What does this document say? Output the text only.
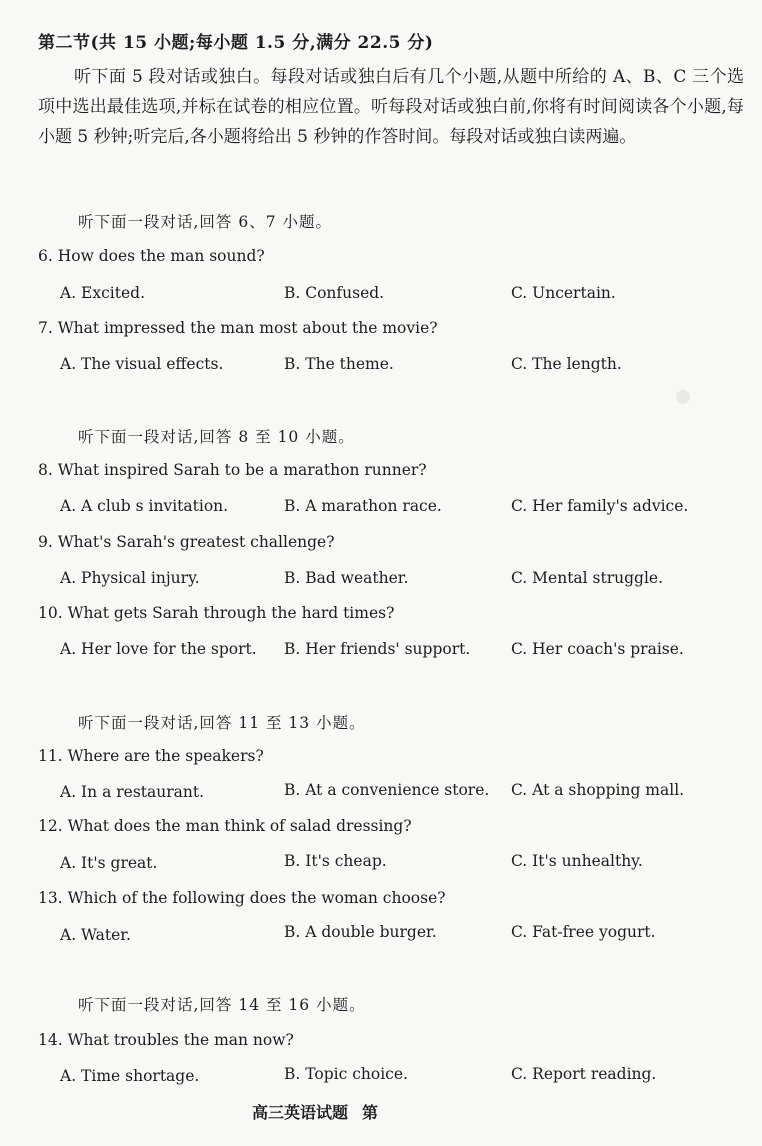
第二节(共 15 小题;每小题 1.5 分,满分 22.5 分)

听下面 5 段对话或独白。每段对话或独白后有几个小题,从题中所给的 A、B、C 三个选项中选出最佳选项,并标在试卷的相应位置。听每段对话或独白前,你将有时间阅读各个小题,每小题 5 秒钟;听完后,各小题将给出 5 秒钟的作答时间。每段对话或独白读两遍。

听下面一段对话,回答 6、7 小题。
6. How does the man sound?
A. Excited.	B. Confused.	C. Uncertain.
7. What impressed the man most about the movie?
A. The visual effects.	B. The theme.	C. The length.
听下面一段对话,回答 8 至 10 小题。
8. What inspired Sarah to be a marathon runner?
A. A club s invitation.	B. A marathon race.	C. Her family's advice.
9. What's Sarah's greatest challenge?
A. Physical injury.	B. Bad weather.	C. Mental struggle.
10. What gets Sarah through the hard times?
A. Her love for the sport. B. Her friends' support.	C. Her coach's praise.
听下面一段对话,回答 11 至 13 小题。
11. Where are the speakers?
A. In a restaurant.	B. At a convenience store. C. At a shopping mall.
12. What does the man think of salad dressing?
A. It's great.	B. It's cheap.	C. It's unhealthy.
13. Which of the following does the woman choose?
A. Water.	B. A double burger.	C. Fat-free yogurt.
听下面一段对话,回答 14 至 16 小题。
14. What troubles the man now?
A. Time shortage.	B. Topic choice.	C. Report reading.
高三英语试题 第
